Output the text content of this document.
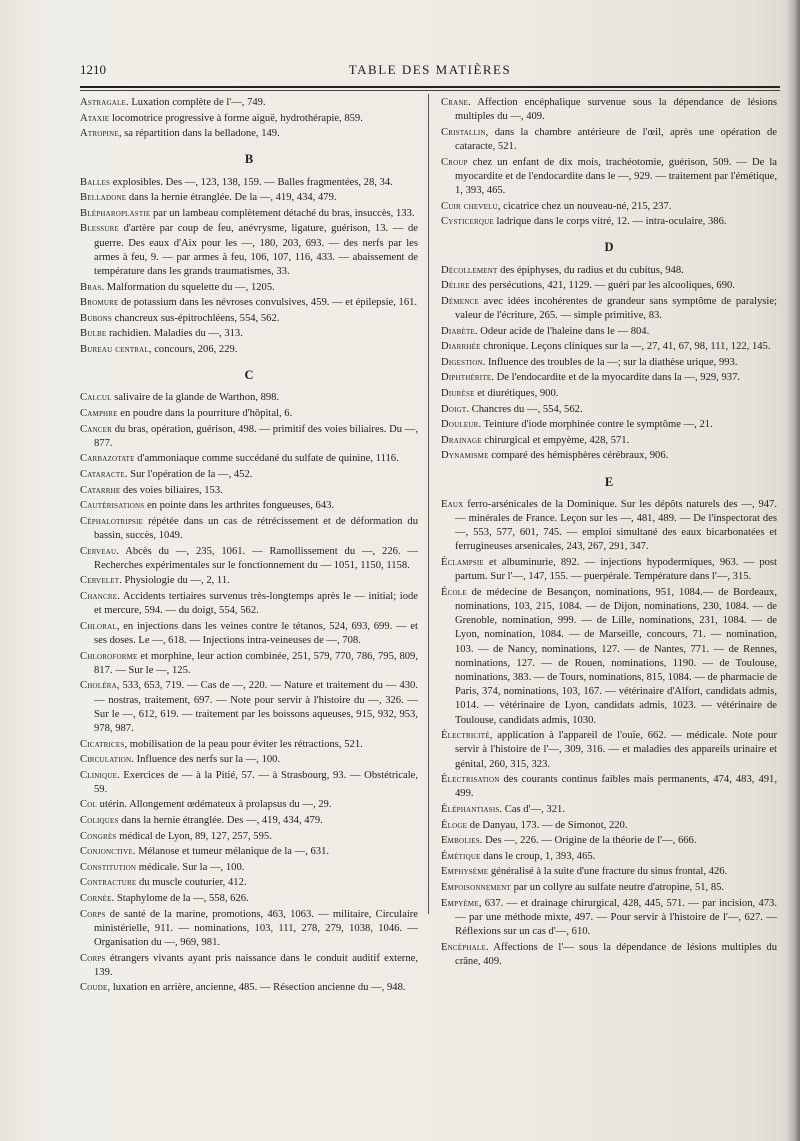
1210	TABLE DES MATIÈRES

Astragale. Luxation complète de l'—, 749.

Ataxie locomotrice progressive à forme aiguë, hydrothérapie, 859.

Atropine, sa répartition dans la belladone, 149.

B

Balles explosibles. Des —, 123, 138, 159. — Balles fragmentées, 28, 34.

Belladone dans la hernie étranglée. De la —, 419, 434, 479.

Blépharoplastie par un lambeau complètement détaché du bras, insuccès, 133.

Blessure d'artère par coup de feu, anévrysme, ligature, guérison, 13. — de guerre. Des eaux d'Aix pour les —, 180, 203, 693. — des nerfs par les armes à feu, 9. — par armes à feu, 106, 107, 116, 433. — abaissement de température dans les grands traumatismes, 33.

Bras. Malformation du squelette du —, 1205.

Bromure de potassium dans les névroses convulsives, 459. — et épilepsie, 161.

Bubons chancreux sus-épitrochléens, 554, 562.

Bulbe rachidien. Maladies du —, 313.

Bureau central, concours, 206, 229.

C

Calcul salivaire de la glande de Warthon, 898.

Camphre en poudre dans la pourriture d'hôpital, 6.

Cancer du bras, opération, guérison, 498. — primitif des voies biliaires. Du —, 877.

Carbazotate d'ammoniaque comme succédané du sulfate de quinine, 1116.

Cataracte. Sur l'opération de la —, 452.

Catarrhe des voies biliaires, 153.

Cautérisations en pointe dans les arthrites fongueuses, 643.

Céphalotripsie répétée dans un cas de rétrécissement et de déformation du bassin, succès, 1049.

Cerveau. Abcès du —, 235, 1061. — Ramollissement du —, 226. — Recherches expérimentales sur le fonctionnement du — 1051, 1150, 1158.

Cervelet. Physiologie du —, 2, 11.

Chancre. Accidents tertiaires survenus très-longtemps après le — initial; iode et mercure, 594. — du doigt, 554, 562.

Chloral, en injections dans les veines contre le tétanos, 524, 693, 699. — et ses doses. Le —, 618. — Injections intra-veineuses de —, 708.

Chloroforme et morphine, leur action combinée, 251, 579, 770, 786, 795, 809, 817. — Sur le —, 125.

Choléra, 533, 653, 719. — Cas de —, 220. — Nature et traitement du — 430. — nostras, traitement, 697. — Note pour servir à l'histoire du —, 326. — Sur le —, 612, 619. — traitement par les boissons aqueuses, 915, 932, 953, 978, 987.

Cicatrices, mobilisation de la peau pour éviter les rétractions, 521.

Circulation. Influence des nerfs sur la —, 100.

Clinique. Exercices de — à la Pitié, 57. — à Strasbourg, 93. — Obstétricale, 59.

Col utérin. Allongement œdémateux à prolapsus du —, 29.

Coliques dans la hernie étranglée. Des —, 419, 434, 479.

Congrès médical de Lyon, 89, 127, 257, 595.

Conjonctive. Mélanose et tumeur mélanique de la —, 631.

Constitution médicale. Sur la —, 100.

Contracture du muscle couturier, 412.

Cornée. Staphylome de la —, 558, 626.

Corps de santé de la marine, promotions, 463, 1063. — militaire, Circulaire ministérielle, 911. — nominations, 103, 111, 278, 279, 1038, 1046. — Organisation du —, 969, 981.

Corps étrangers vivants ayant pris naissance dans le conduit auditif externe, 139.

Coude, luxation en arrière, ancienne, 485. — Résection ancienne du —, 948.

Crane. Affection encéphalique survenue sous la dépendance de lésions multiples du —, 409.

Cristallin, dans la chambre antérieure de l'œil, après une opération de cataracte, 521.

Croup chez un enfant de dix mois, trachéotomie, guérison, 509. — De la myocardite et de l'endocardite dans le —, 929. — traitement par l'émétique, 1, 393, 465.

Cuir chevelu, cicatrice chez un nouveau-né, 215, 237.

Cysticerque ladrique dans le corps vitré, 12. — intra-oculaire, 386.

D

Décollement des épiphyses, du radius et du cubitus, 948.

Délire des persécutions, 421, 1129. — guéri par les alcooliques, 690.

Démence avec idées incohérentes de grandeur sans symptôme de paralysie; valeur de l'écriture, 265. — simple primitive, 83.

Diabète. Odeur acide de l'haleine dans le — 804.

Diarrhée chronique. Leçons cliniques sur la —, 27, 41, 67, 98, 111, 122, 145.

Digestion. Influence des troubles de la —; sur la diathèse urique, 993.

Diphthérite. De l'endocardite et de la myocardite dans la —, 929, 937.

Diurèse et diurétiques, 900.

Doigt. Chancres du —, 554, 562.

Douleur. Teinture d'iode morphinée contre le symptôme —, 21.

Drainage chirurgical et empyème, 428, 571.

Dynamisme comparé des hémisphères cérébraux, 906.

E

Eaux ferro-arsénicales de la Dominique. Sur les dépôts naturels des —, 947. — minérales de France. Leçon sur les —, 481, 489. — De l'inspectorat des —, 553, 577, 601, 745. — emploi simultané des eaux bicarbonatées et ferrugineuses arsenicales, 243, 267, 291, 347.

Éclampsie et albuminurie, 892. — injections hypodermiques, 963. — post partum. Sur l'—, 147, 155. — puerpérale. Température dans l'—, 315.

École de médecine de Besançon, nominations, 951, 1084.— de Bordeaux, nominations, 103, 215, 1084. — de Dijon, nominations, 230, 1084. — de Grenoble, nomination, 999. — de Lille, nominations, 231, 1084. — de Lyon, nomination, 1084. — de Marseille, concours, 71. — nomination, 103. — de Nancy, nominations, 127. — de Nantes, 771. — de Rennes, nominations, 127. — de Rouen, nominations, 1190. — de Toulouse, nominations, 383. — de Tours, nominations, 815, 1084. — de pharmacie de Paris, 374, nominations, 103, 167. — vétérinaire d'Alfort, candidats admis, 1014. — vétérinaire de Lyon, candidats admis, 1023. — vétérinaire de Toulouse, candidats admis, 1030.

Électricité, application à l'appareil de l'ouïe, 662. — médicale. Note pour servir à l'histoire de l'—, 309, 316. — et maladies des appareils urinaire et génital, 260, 315, 323.

Électrisation des courants continus faibles mais permanents, 474, 483, 491, 499.

Éléphantiasis. Cas d'—, 321.

Éloge de Danyau, 173. — de Simonot, 220.

Embolies. Des —, 226. — Origine de la théorie de l'—, 666.

Émétique dans le croup, 1, 393, 465.

Emphysème généralisé à la suite d'une fracture du sinus frontal, 426.

Empoisonnement par un collyre au sulfate neutre d'atropine, 51, 85.

Empyème, 637. — et drainage chirurgical, 428, 445, 571. — par incision, 473. — par une méthode mixte, 497. — Pour servir à l'histoire de l'—, 627. — Réflexions sur un cas d'—, 610.

Encéphale. Affections de l'— sous la dépendance de lésions multiples du crâne, 409.
